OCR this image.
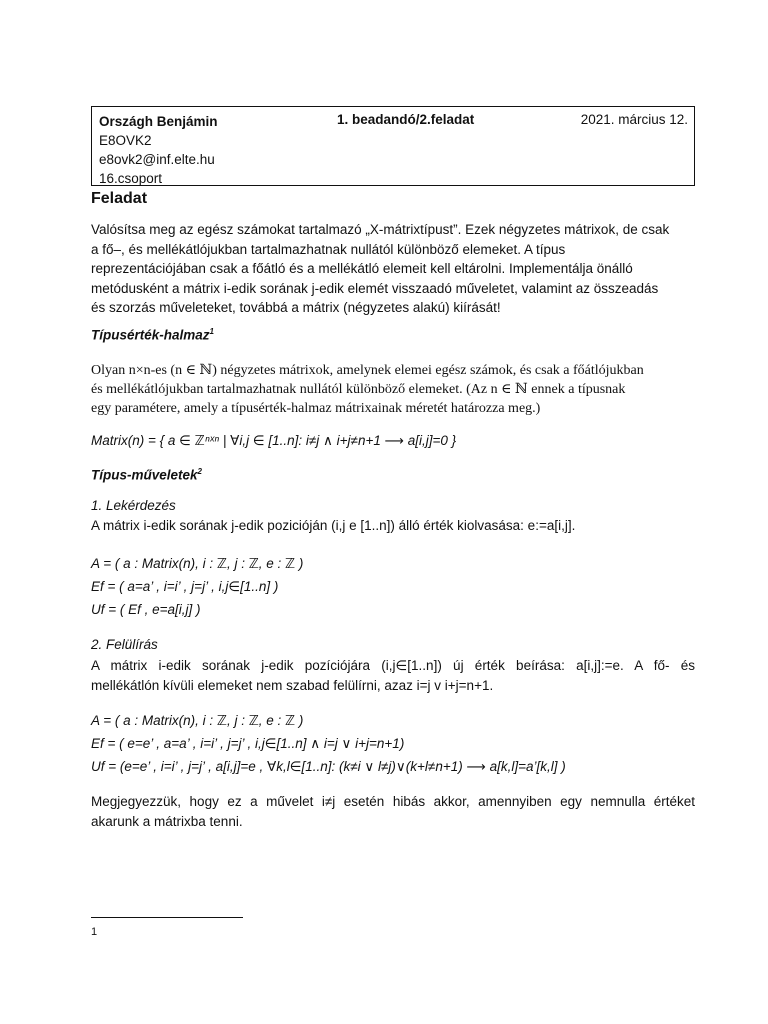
Országh Benjámin
E8OVK2
e8ovk2@inf.elte.hu
16.csoport
1. beadandó/2.feladat	2021. március 12.
Feladat
Valósítsa meg az egész számokat tartalmazó „X-mátrixtípust”. Ezek négyzetes mátrixok, de csak
a fő–, és mellékátlójukban tartalmazhatnak nullától különböző elemeket. A típus
reprezentációjában csak a főátló és a mellékátló elemeit kell eltárolni. Implementálja önálló
metódusként a mátrix i-edik sorának j-edik elemét visszaadó műveletet, valamint az összeadás
és szorzás műveleteket, továbbá a mátrix (négyzetes alakú) kiírását!
Típusérték-halmaz$^1$
Olyan n×n-es (n ∈ ℕ) négyzetes mátrixok, amelynek elemei egész számok, és csak a főátlójukban
és mellékátlójukban tartalmazhatnak nullától különböző elemeket. (Az n ∈ ℕ ennek a típusnak
egy paramétere, amely a típusérték-halmaz mátrixainak méretét határozza meg.)
Matrix(n) = { a ∈ ℤⁿˣⁿ | ∀i,j ∈ [1..n]: i≠j ∧ i+j≠n+1 ⟶ a[i,j]=0 }
Típus-műveletek$^2$
1. Lekérdezés
A mátrix i-edik sorának j-edik pozicióján (i,j e [1..n]) álló érték kiolvasása: e:=a[i,j].
A = ( a : Matrix(n), i : ℤ, j : ℤ, e : ℤ )
Ef = ( a=a’ , i=i’ , j=j’ , i,j∈[1..n] )
Uf = ( Ef , e=a[i,j] )
2. Felülírás
A mátrix i-edik sorának j-edik pozíciójára (i,j∈[1..n]) új érték beírása: a[i,j]:=e. A fő- és
mellékátlón kívüli elemeket nem szabad felülírni, azaz i=j v i+j=n+1.
A = ( a : Matrix(n), i : ℤ, j : ℤ, e : ℤ )
Ef = ( e=e’ , a=a’ , i=i’ , j=j’ , i,j∈[1..n] ∧ i=j ∨ i+j=n+1)
Uf = (e=e’ , i=i’ , j=j’ , a[i,j]=e , ∀k,l∈[1..n]: (k≠i ∨ l≠j)∨(k+l≠n+1) ⟶ a[k,l]=a’[k,l] )
Megjegyezzük, hogy ez a művelet i≠j esetén hibás akkor, amennyiben egy nemnulla értéket
akarunk a mátrixba tenni.
1
